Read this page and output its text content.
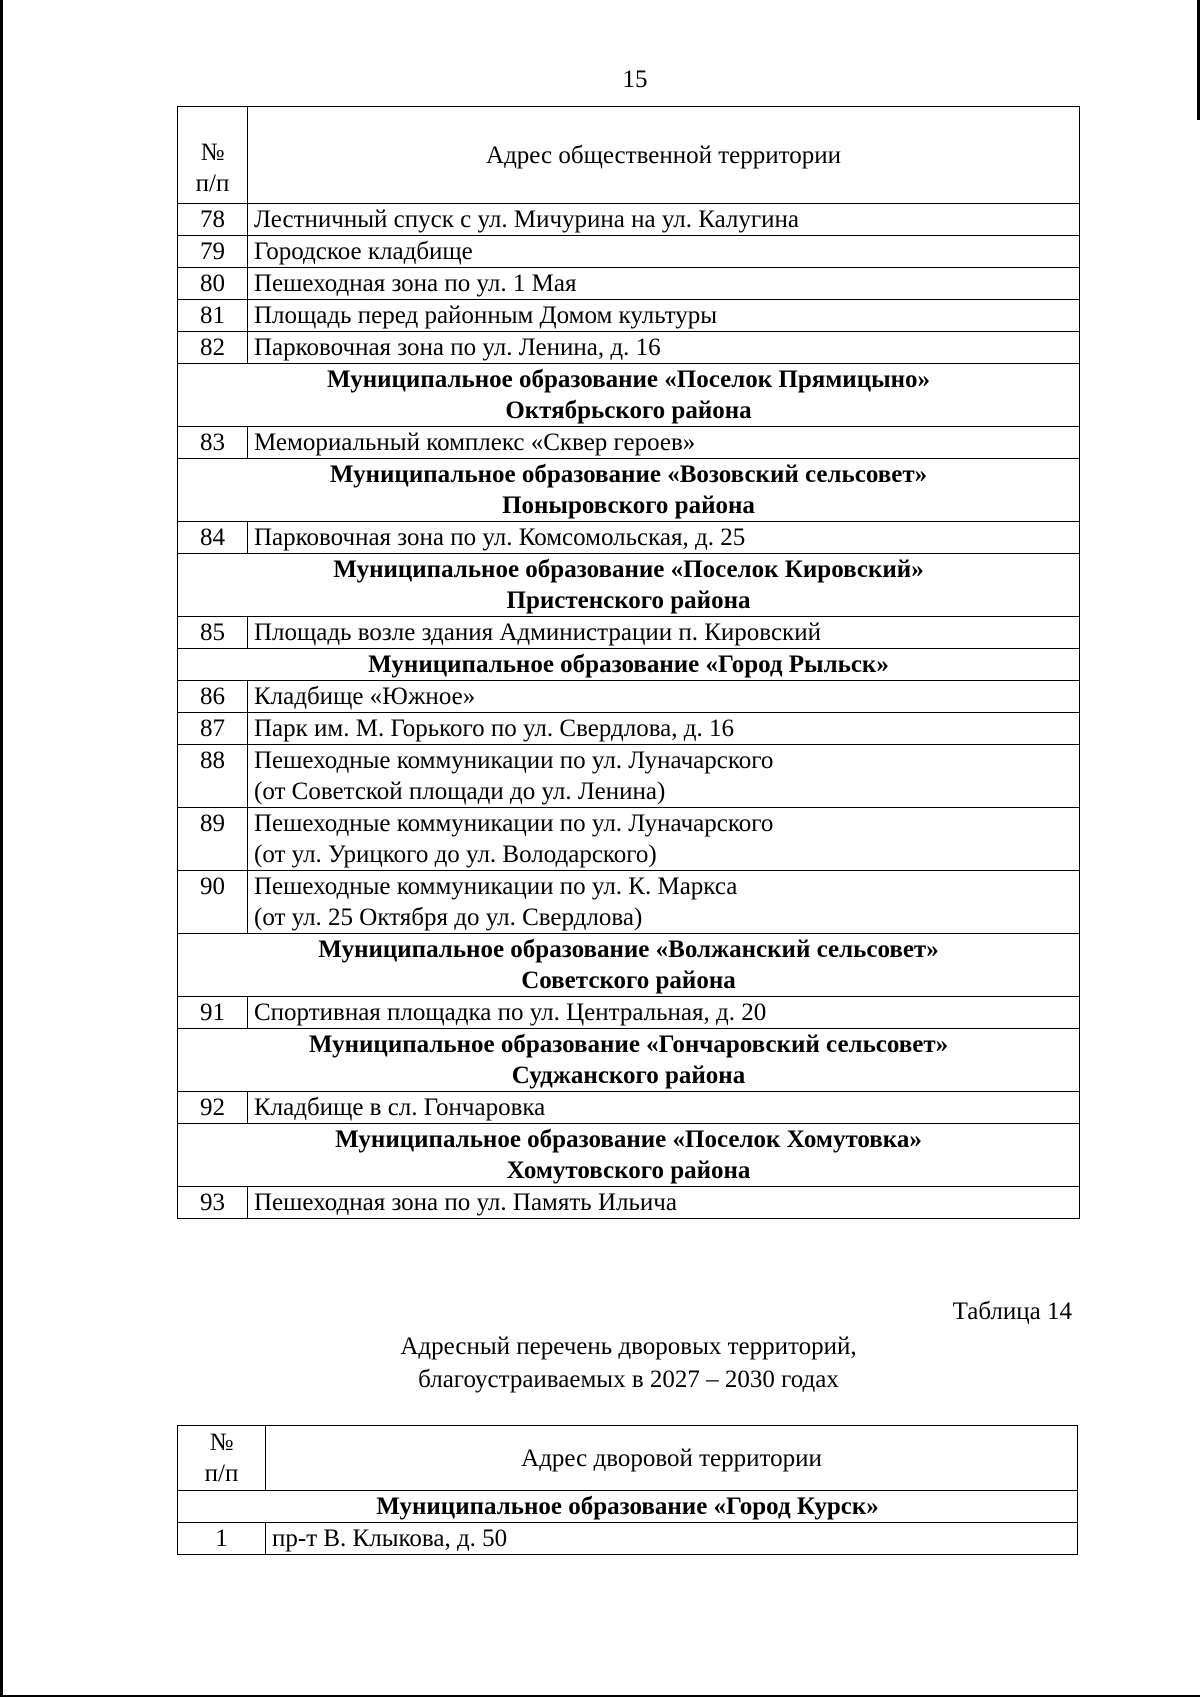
15
№
п/п	Адрес общественной территории
78	Лестничный спуск с ул. Мичурина на ул. Калугина

79	Городское кладбище

80	Пешеходная зона по ул. 1 Мая

81	Площадь перед районным Домом культуры

82	Парковочная зона по ул. Ленина, д. 16

Муниципальное образование «Поселок Прямицыно»
Октябрьского района	

83	Мемориальный комплекс «Сквер героев»

Муниципальное образование «Возовский сельсовет»
Поныровского района	

84	Парковочная зона по ул. Комсомольская, д. 25

Муниципальное образование «Поселок Кировский»
Пристенского района	

85	Площадь возле здания Администрации п. Кировский

Муниципальное образование «Город Рыльск»	

86	Кладбище «Южное»

87	Парк им. М. Горького по ул. Свердлова, д. 16

88	Пешеходные коммуникации по ул. Луначарского
(от Советской площади до ул. Ленина)

89	Пешеходные коммуникации по ул. Луначарского
(от ул. Урицкого до ул. Володарского)

90	Пешеходные коммуникации по ул. К. Маркса
(от ул. 25 Октября до ул. Свердлова)

Муниципальное образование «Волжанский сельсовет»
Советского района	

91	Спортивная площадка по ул. Центральная, д. 20

Муниципальное образование «Гончаровский сельсовет»
Суджанского района	

92	Кладбище в сл. Гончаровка

Муниципальное образование «Поселок Хомутовка»
Хомутовского района	

93	Пешеходная зона по ул. Память Ильича
Таблица 14
Адресный перечень дворовых территорий,
благоустраиваемых в 2027 – 2030 годах
№
п/п	Адрес дворовой территории

Муниципальное образование «Город Курск»	

1	пр-т В. Клыкова, д. 50
